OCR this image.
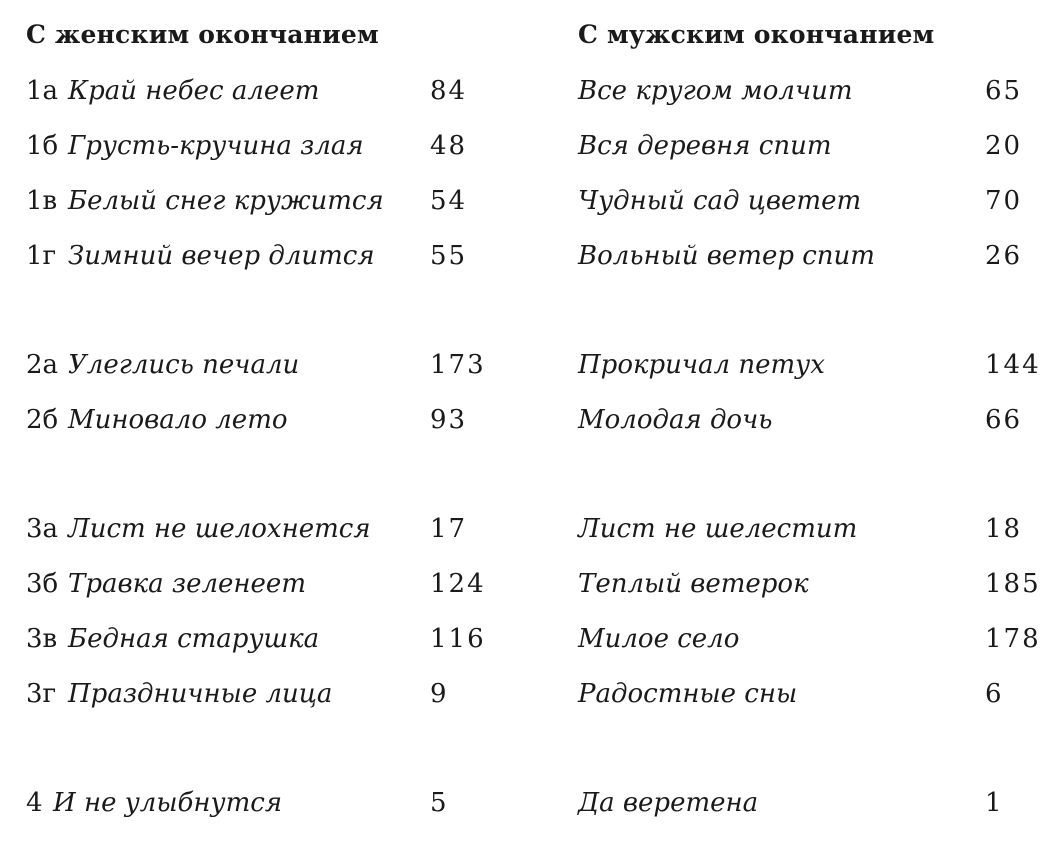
С женским окончанием
1а Край небес алеет	84
1б Грусть-кручина злая	48
1в Белый снег кружится 54
1г Зимний вечер длится 55
2а Улеглись печали	173
2б Миновало лето	93
3а Лист не шелохнется 17
3б Травка зеленеет	124
3в Бедная старушка	116
3г Праздничные лица	9
4 И не улыбнутся	5
С мужским окончанием
Все кругом молчит	65
Вся деревня спит	20
Чудный сад цветет	70
Вольный ветер спит	26
Прокричал петух	144
Молодая дочь	66
Лист не шелестит	18
Теплый ветерок	185
Милое село	178
Радостные сны	6
Да веретена	1
